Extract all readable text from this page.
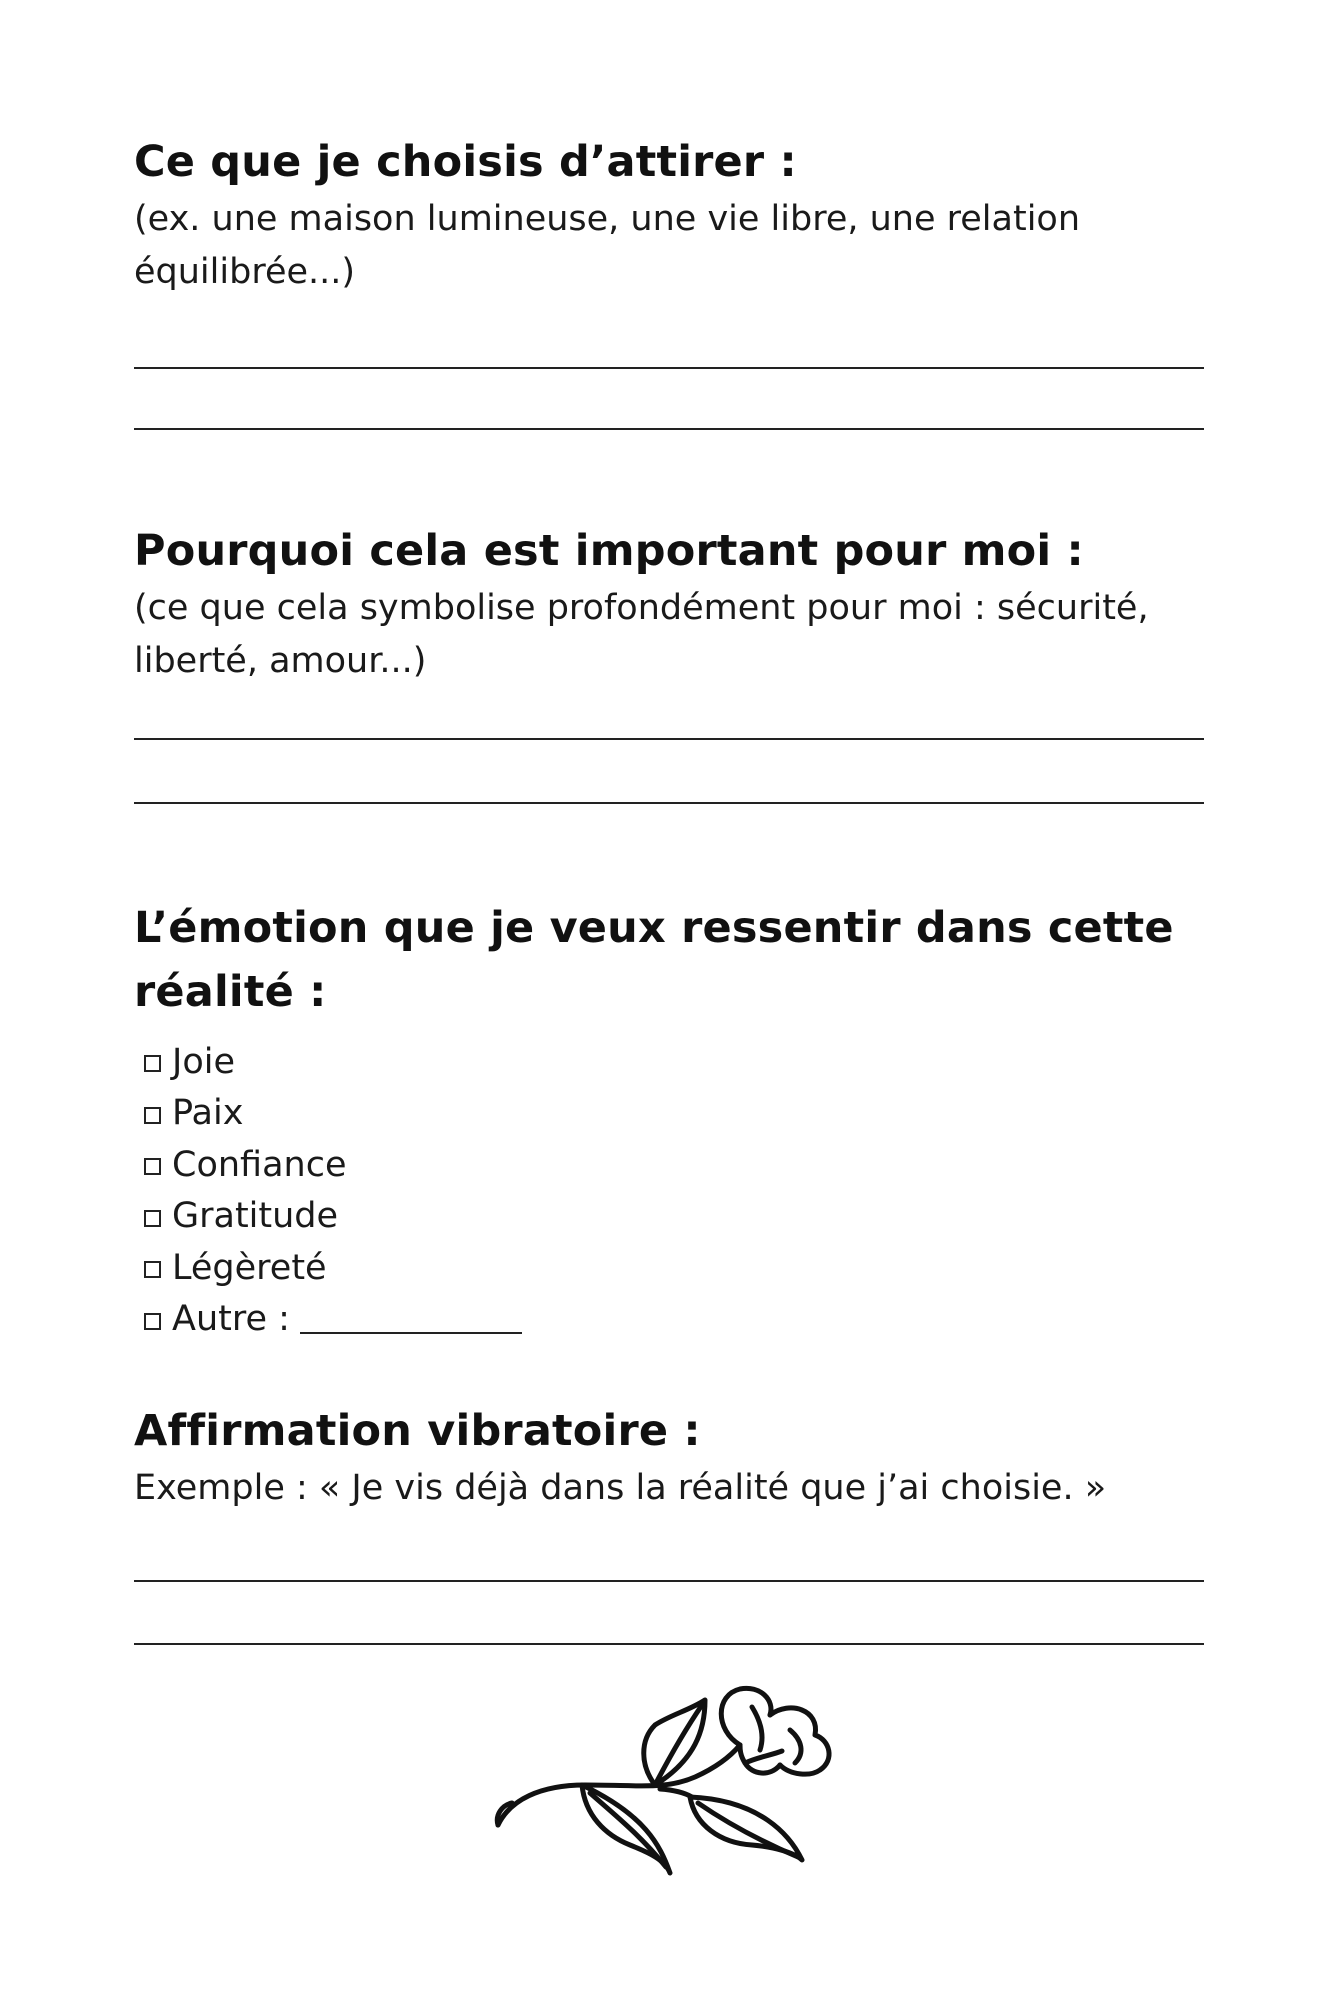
Ce que je choisis d’attirer :

(ex. une maison lumineuse, une vie libre, une relation équilibrée...)

Pourquoi cela est important pour moi :

(ce que cela symbolise profondément pour moi : sécurité, liberté, amour...)

L’émotion que je veux ressentir dans cette réalité :
Joie
Paix
Confiance
Gratitude
Légèreté
Autre :
Affirmation vibratoire :

Exemple : « Je vis déjà dans la réalité que j’ai choisie. »
